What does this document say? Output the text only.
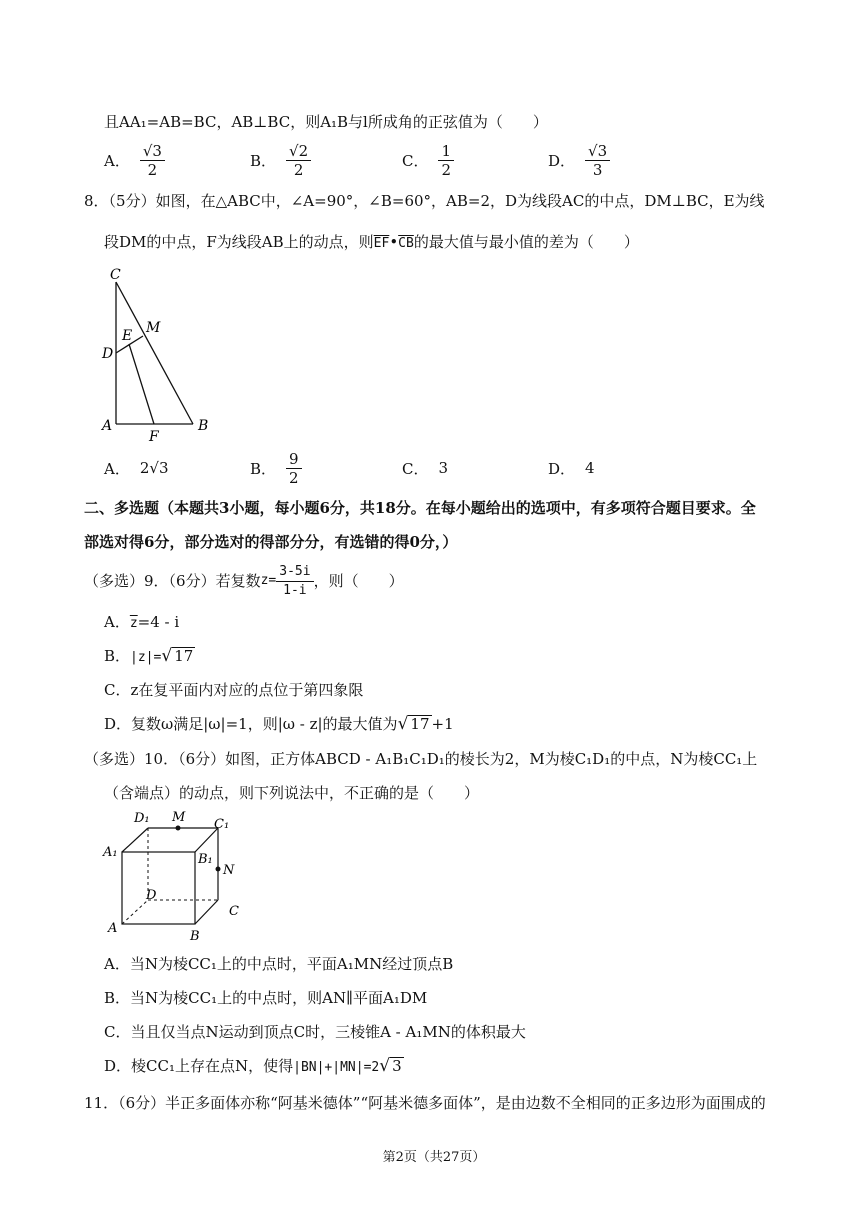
且AA₁=AB=BC，AB⊥BC，则A₁B与l所成角的正弦值为（　　）
A． $\frac{√3}{2}$	B． $\frac{√2}{2}$	C． $\frac{1}{2}$	D． $\frac{√3}{3}$
8．（5分）如图，在△ABC中，∠A=90°，∠B=60°，AB=2，D为线段AC的中点，DM⊥BC，E为线
段DM的中点，F为线段AB上的动点，则$\overline{EF}•\overline{CB}$的最大值与最小值的差为（　　）
C
M
E
D
A
F
B
A． 2√3	B． $\frac{9}{2}$	C． 3	D． 4
二、多选题（本题共3小题，每小题6分，共18分。在每小题给出的选项中，有多项符合题目要求。全
部选对得6分，部分选对的得部分分，有选错的得0分，）
（多选）9．（6分）若复数 $z= \frac{3-5i}{1-i}$ ，则（　　）
A．$\overline{z}=4 - i$
B．|z|= √ 17
C．z在复平面内对应的点位于第四象限
D．复数ω满足|ω|=1，则|ω - z|的最大值为 √ 17 +1
（多选）10．（6分）如图，正方体ABCD - A₁B₁C₁D₁的棱长为2，M为棱C₁D₁的中点，N为棱CC₁上
（含端点）的动点，则下列说法中，不正确的是（　　）
D₁ M C₁
A₁	B₁
N
D
C
A
B
A．当N为棱CC₁上的中点时，平面A₁MN经过顶点B
B．当N为棱CC₁上的中点时，则AN∥平面A₁DM
C．当且仅当点N运动到顶点C时，三棱锥A - A₁MN的体积最大
D．棱CC₁上存在点N，使得|BN|+|MN|=2 √ 3
11．（6分）半正多面体亦称“阿基米德体”“阿基米德多面体”，是由边数不全相同的正多边形为面围成的
第2页（共27页）
